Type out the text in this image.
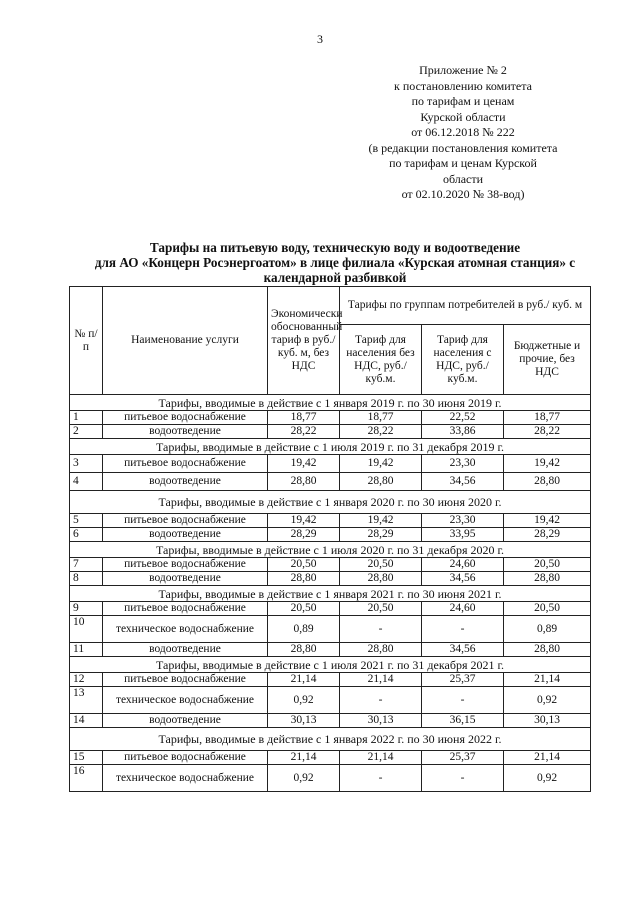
3
Приложение № 2
к постановлению комитета
по тарифам и ценам
Курской области
от 06.12.2018 № 222
(в редакции постановления комитета
по тарифам и ценам Курской области
от 02.10.2020 № 38-вод)
Тарифы на питьевую воду, техническую воду и водоотведение
для АО «Концерн Росэнергоатом» в лице филиала «Курская атомная станция» с
календарной разбивкой
№ п/п	Наименование услуги	Экономически обоснованный тариф в руб./ куб. м, без НДС	Тарифы по группам потребителей в руб./ куб. м		
			Тариф для населения без НДС, руб./ куб.м.	Тариф для населения с НДС, руб./ куб.м.	Бюджетные и прочие, без НДС
Тарифы, вводимые в действие с 1 января 2019 г. по 30 июня 2019 г.					
1	питьевое водоснабжение	18,77	18,77	22,52	18,77
2	водоотведение	28,22	28,22	33,86	28,22
Тарифы, вводимые в действие с 1 июля 2019 г. по 31 декабря 2019 г.					
3	питьевое водоснабжение	19,42	19,42	23,30	19,42
4	водоотведение	28,80	28,80	34,56	28,80
Тарифы, вводимые в действие с 1 января 2020 г. по 30 июня 2020 г.					
5	питьевое водоснабжение	19,42	19,42	23,30	19,42
6	водоотведение	28,29	28,29	33,95	28,29
Тарифы, вводимые в действие с 1 июля 2020 г. по 31 декабря 2020 г.					
7	питьевое водоснабжение	20,50	20,50	24,60	20,50
8	водоотведение	28,80	28,80	34,56	28,80
Тарифы, вводимые в действие с 1 января 2021 г. по 30 июня 2021 г.					
9	питьевое водоснабжение	20,50	20,50	24,60	20,50
10	техническое водоснабжение	0,89	-	-	0,89
11	водоотведение	28,80	28,80	34,56	28,80
Тарифы, вводимые в действие с 1 июля 2021 г. по 31 декабря 2021 г.					
12	питьевое водоснабжение	21,14	21,14	25,37	21,14
13	техническое водоснабжение	0,92	-	-	0,92
14	водоотведение	30,13	30,13	36,15	30,13
Тарифы, вводимые в действие с 1 января 2022 г. по 30 июня 2022 г.					
15	питьевое водоснабжение	21,14	21,14	25,37	21,14
16	техническое водоснабжение	0,92	-	-	0,92
